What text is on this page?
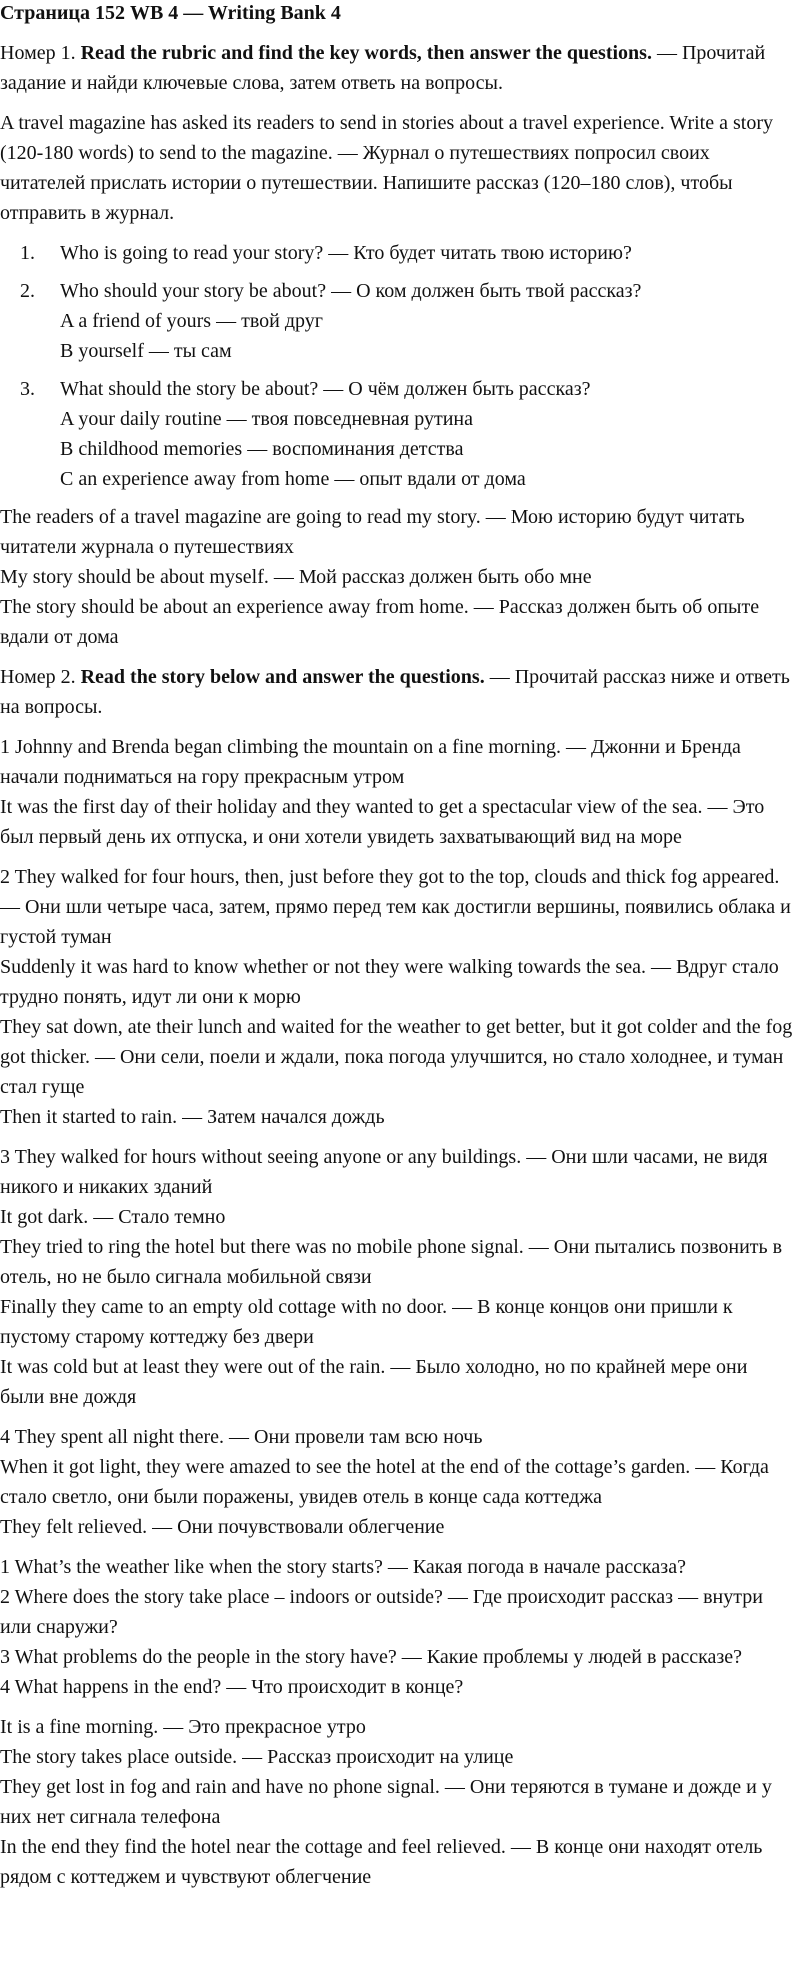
Страница 152 WB 4 — Writing Bank 4

Номер 1. Read the rubric and find the key words, then answer the questions. — Прочитай задание и найди ключевые слова, затем ответь на вопросы.

A travel magazine has asked its readers to send in stories about a travel experience. Write a story (120-180 words) to send to the magazine. — Журнал о путешествиях попросил своих читателей прислать истории о путешествии. Напишите рассказ (120–180 слов), чтобы отправить в журнал.

1.	Who is going to read your story? — Кто будет читать твою историю?
2.	Who should your story be about? — О ком должен быть твой рассказ?
A a friend of yours — твой друг
B yourself — ты сам
3.	What should the story be about? — О чём должен быть рассказ?
A your daily routine — твоя повседневная рутина
B childhood memories — воспоминания детства
C an experience away from home — опыт вдали от дома
The readers of a travel magazine are going to read my story. — Мою историю будут читать читатели журнала о путешествиях
My story should be about myself. — Мой рассказ должен быть обо мне
The story should be about an experience away from home. — Рассказ должен быть об опыте вдали от дома

Номер 2. Read the story below and answer the questions. — Прочитай рассказ ниже и ответь на вопросы.

1 Johnny and Brenda began climbing the mountain on a fine morning. — Джонни и Бренда начали подниматься на гору прекрасным утром
It was the first day of their holiday and they wanted to get a spectacular view of the sea. — Это был первый день их отпуска, и они хотели увидеть захватывающий вид на море
2 They walked for four hours, then, just before they got to the top, clouds and thick fog appeared. — Они шли четыре часа, затем, прямо перед тем как достигли вершины, появились облака и густой туман
Suddenly it was hard to know whether or not they were walking towards the sea. — Вдруг стало трудно понять, идут ли они к морю
They sat down, ate their lunch and waited for the weather to get better, but it got colder and the fog got thicker. — Они сели, поели и ждали, пока погода улучшится, но стало холоднее, и туман стал гуще
Then it started to rain. — Затем начался дождь
3 They walked for hours without seeing anyone or any buildings. — Они шли часами, не видя никого и никаких зданий
It got dark. — Стало темно
They tried to ring the hotel but there was no mobile phone signal. — Они пытались позвонить в отель, но не было сигнала мобильной связи
Finally they came to an empty old cottage with no door. — В конце концов они пришли к пустому старому коттеджу без двери
It was cold but at least they were out of the rain. — Было холодно, но по крайней мере они были вне дождя
4 They spent all night there. — Они провели там всю ночь
When it got light, they were amazed to see the hotel at the end of the cottage’s garden. — Когда стало светло, они были поражены, увидев отель в конце сада коттеджа
They felt relieved. — Они почувствовали облегчение
1 What’s the weather like when the story starts? — Какая погода в начале рассказа?
2 Where does the story take place – indoors or outside? — Где происходит рассказ — внутри или снаружи?
3 What problems do the people in the story have? — Какие проблемы у людей в рассказе?
4 What happens in the end? — Что происходит в конце?
It is a fine morning. — Это прекрасное утро
The story takes place outside. — Рассказ происходит на улице
They get lost in fog and rain and have no phone signal. — Они теряются в тумане и дожде и у них нет сигнала телефона
In the end they find the hotel near the cottage and feel relieved. — В конце они находят отель рядом с коттеджем и чувствуют облегчение
